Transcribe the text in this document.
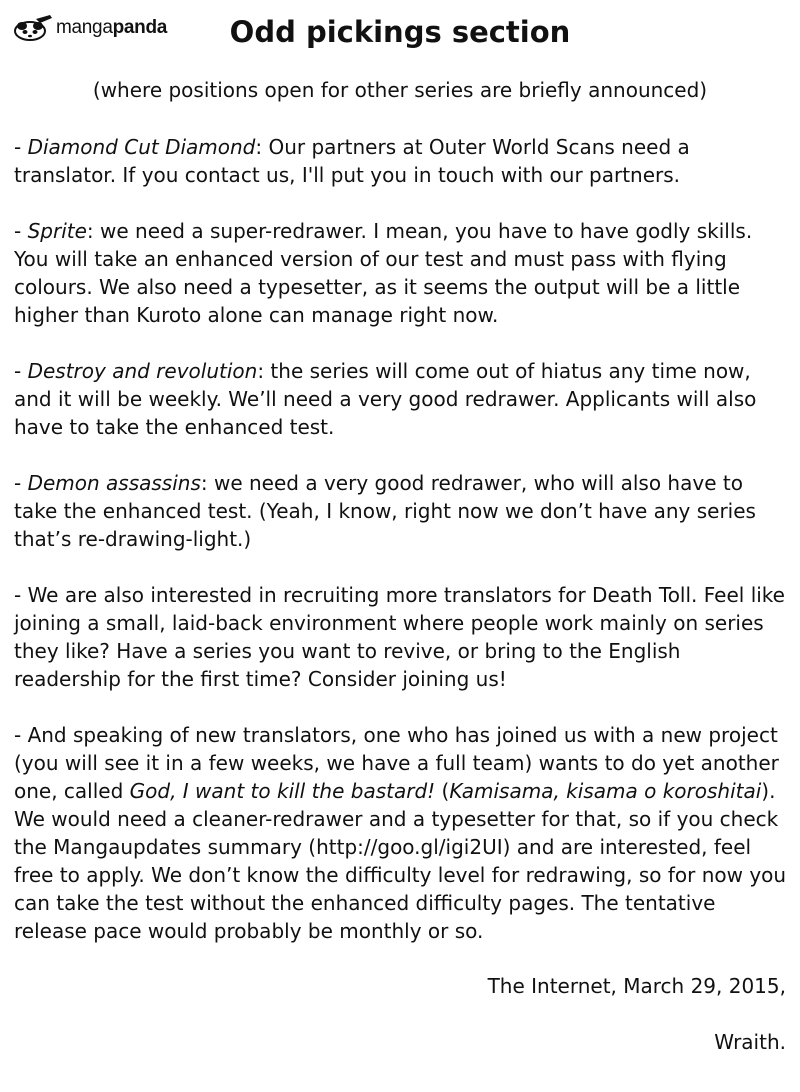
mangapanda	Odd pickings section

(where positions open for other series are briefly announced)

- Diamond Cut Diamond: Our partners at Outer World Scans need a translator. If you contact us, I'll put you in touch with our partners.

- Sprite: we need a super-redrawer. I mean, you have to have godly skills. You will take an enhanced version of our test and must pass with flying colours. We also need a typesetter, as it seems the output will be a little higher than Kuroto alone can manage right now.

- Destroy and revolution: the series will come out of hiatus any time now, and it will be weekly. We’ll need a very good redrawer. Applicants will also have to take the enhanced test.

- Demon assassins: we need a very good redrawer, who will also have to take the enhanced test. (Yeah, I know, right now we don’t have any series that’s re-drawing-light.)

- We are also interested in recruiting more translators for Death Toll. Feel like joining a small, laid-back environment where people work mainly on series they like? Have a series you want to revive, or bring to the English readership for the first time? Consider joining us!

- And speaking of new translators, one who has joined us with a new project (you will see it in a few weeks, we have a full team) wants to do yet another one, called God, I want to kill the bastard! (Kamisama, kisama o koroshitai). We would need a cleaner-redrawer and a typesetter for that, so if you check the Mangaupdates summary (http://goo.gl/igi2UI) and are interested, feel free to apply. We don’t know the difficulty level for redrawing, so for now you can take the test without the enhanced difficulty pages. The tentative release pace would probably be monthly or so.

The Internet, March 29, 2015,

Wraith.
